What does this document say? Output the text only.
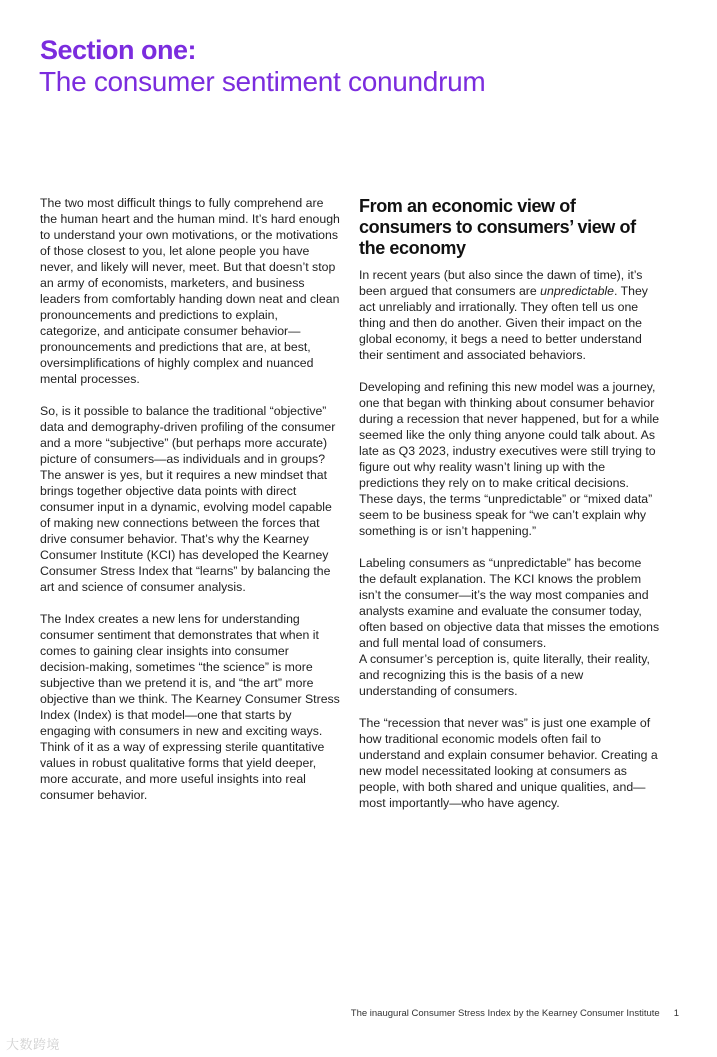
Section one:
The consumer sentiment conundrum

The two most difficult things to fully comprehend are the human heart and the human mind. It’s hard enough to understand your own motivations, or the motivations of those closest to you, let alone people you have never, and likely will never, meet. But that doesn’t stop an army of economists, marketers, and business leaders from comfortably handing down neat and clean pronouncements and predictions to explain, categorize, and anticipate consumer behavior—pronouncements and predictions that are, at best, oversimplifications of highly complex and nuanced mental processes.

So, is it possible to balance the traditional “objective” data and demography-driven profiling of the consumer and a more “subjective” (but perhaps more accurate) picture of consumers—as individuals and in groups? The answer is yes, but it requires a new mindset that brings together objective data points with direct consumer input in a dynamic, evolving model capable of making new connections between the forces that drive consumer behavior. That’s why the Kearney Consumer Institute (KCI) has developed the Kearney Consumer Stress Index that “learns” by balancing the art and science of consumer analysis.

The Index creates a new lens for understanding consumer sentiment that demonstrates that when it comes to gaining clear insights into consumer decision-making, sometimes “the science” is more subjective than we pretend it is, and “the art” more objective than we think. The Kearney Consumer Stress Index (Index) is that model—one that starts by engaging with consumers in new and exciting ways. Think of it as a way of expressing sterile quantitative values in robust qualitative forms that yield deeper, more accurate, and more useful insights into real consumer behavior.

From an economic view of consumers to consumers’ view of the economy

In recent years (but also since the dawn of time), it’s been argued that consumers are unpredictable. They act unreliably and irrationally. They often tell us one thing and then do another. Given their impact on the global economy, it begs a need to better understand their sentiment and associated behaviors.

Developing and refining this new model was a journey, one that began with thinking about consumer behavior during a recession that never happened, but for a while seemed like the only thing anyone could talk about. As late as Q3 2023, industry executives were still trying to figure out why reality wasn’t lining up with the predictions they rely on to make critical decisions. These days, the terms “unpredictable” or “mixed data” seem to be business speak for “we can’t explain why something is or isn’t happening.”

Labeling consumers as “unpredictable” has become the default explanation. The KCI knows the problem isn’t the consumer—it’s the way most companies and analysts examine and evaluate the consumer today, often based on objective data that misses the emotions and full mental load of consumers.

A consumer’s perception is, quite literally, their reality, and recognizing this is the basis of a new understanding of consumers.

The “recession that never was” is just one example of how traditional economic models often fail to understand and explain consumer behavior. Creating a new model necessitated looking at consumers as people, with both shared and unique qualities, and—most importantly—who have agency.

The inaugural Consumer Stress Index by the Kearney Consumer Institute 1
大数跨境
